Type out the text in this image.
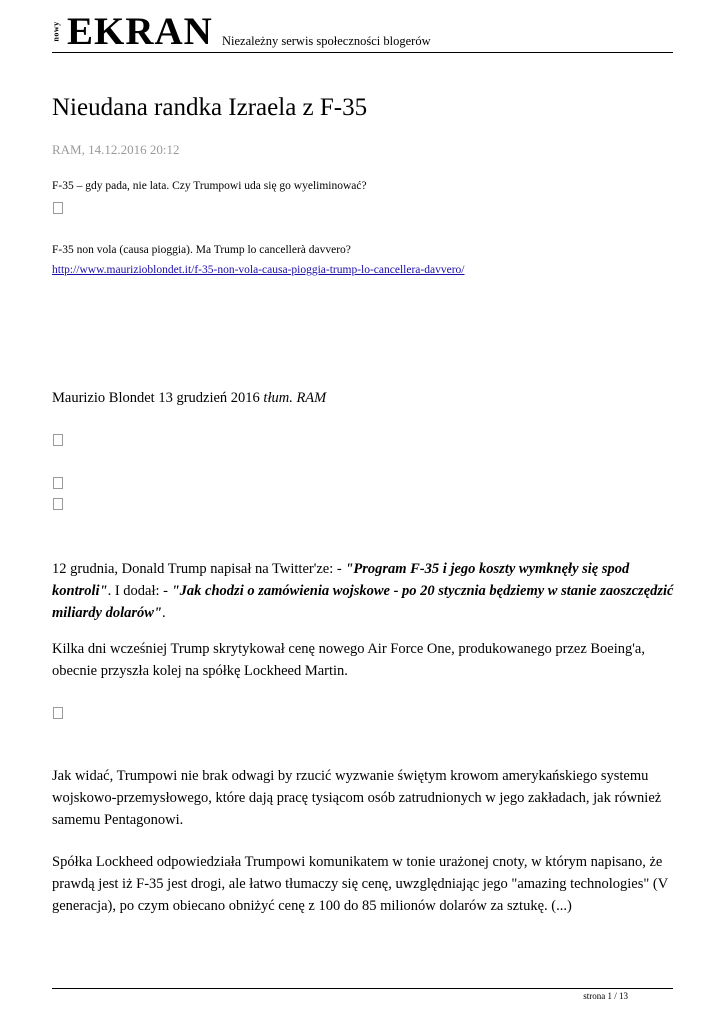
nowy EKRAN Niezależny serwis społeczności blogerów
Nieudana randka Izraela z F-35
RAM, 14.12.2016 20:12
F-35 – gdy pada, nie lata. Czy Trumpowi uda się go wyeliminować?
F-35 non vola (causa pioggia). Ma Trump lo cancellerà davvero?
http://www.maurizioblondet.it/f-35-non-vola-causa-pioggia-trump-lo-cancellera-davvero/
Maurizio Blondet 13 grudzień 2016 tłum. RAM

12 grudnia, Donald Trump napisał na Twitter'ze: - "Program F-35 i jego koszty wymknęły się spod kontroli". I dodał: - "Jak chodzi o zamówienia wojskowe - po 20 stycznia będziemy w stanie zaoszczędzić miliardy dolarów".

Kilka dni wcześniej Trump skrytykował cenę nowego Air Force One, produkowanego przez Boeing'a, obecnie przyszła kolej na spółkę Lockheed Martin.

Jak widać, Trumpowi nie brak odwagi by rzucić wyzwanie świętym krowom amerykańskiego systemu wojskowo-przemysłowego, które dają pracę tysiącom osób zatrudnionych w jego zakładach, jak również samemu Pentagonowi.

Spółka Lockheed odpowiedziała Trumpowi komunikatem w tonie urażonej cnoty, w którym napisano, że prawdą jest iż F-35 jest drogi, ale łatwo tłumaczy się cenę, uwzględniając jego "amazing technologies" (V generacja), po czym obiecano obniżyć cenę z 100 do 85 milionów dolarów za sztukę. (...)

strona 1 / 13
